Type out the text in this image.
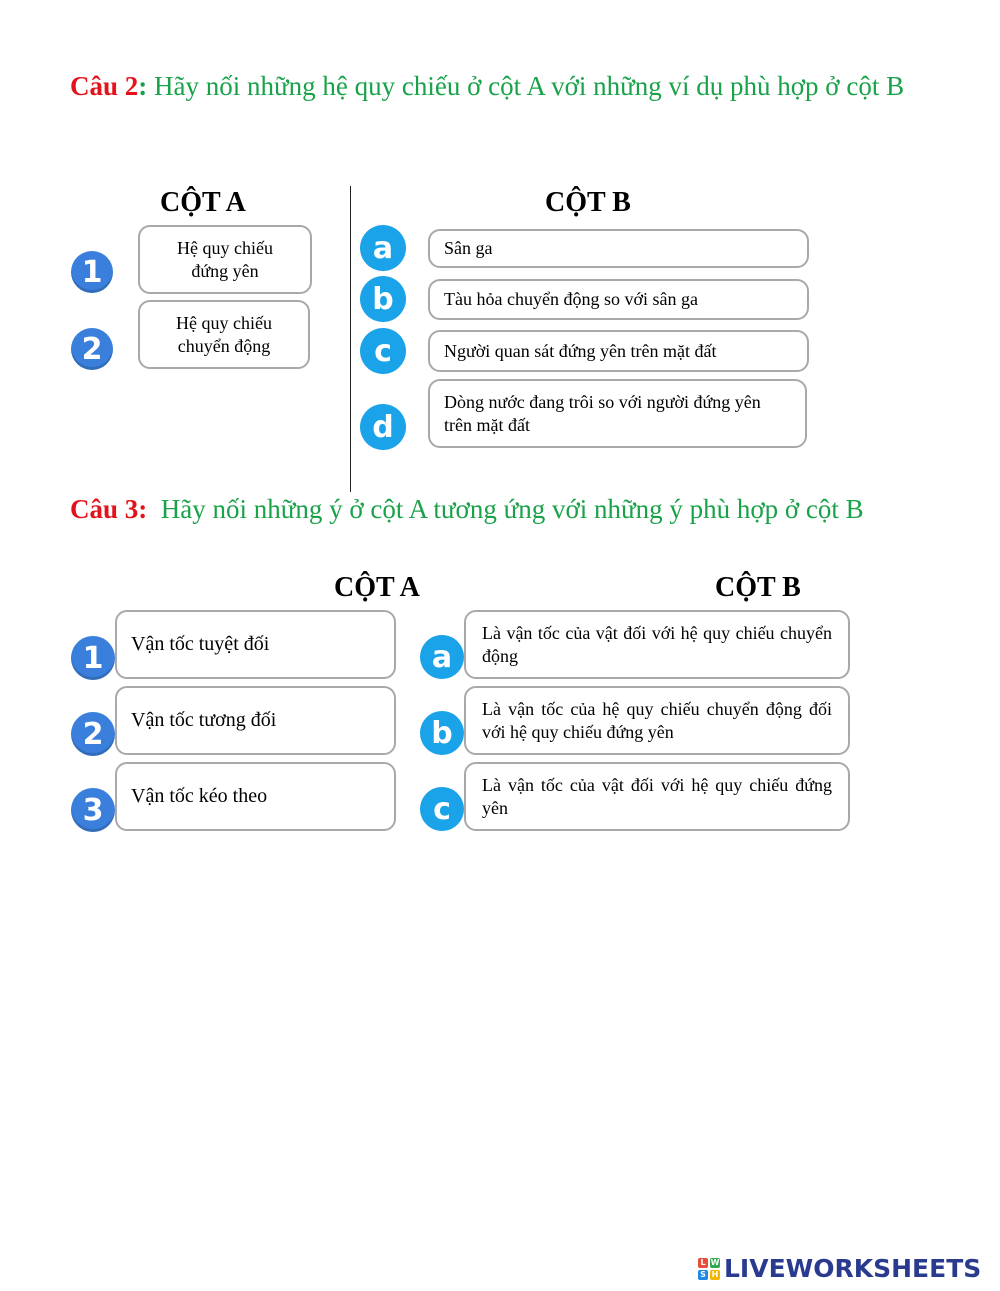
Câu 2: Hãy nối những hệ quy chiếu ở cột A với những ví dụ phù hợp ở cột B
CỘT A	CỘT B
1
Hệ quy chiếu đứng yên
2
Hệ quy chiếu chuyển động
a	Sân ga
b	Tàu hỏa chuyển động so với sân ga
c	Người quan sát đứng yên trên mặt đất
d
Dòng nước đang trôi so với người đứng yên trên mặt đất
Câu 3:  Hãy nối những ý ở cột A tương ứng với những ý phù hợp ở cột B
CỘT A	CỘT B
1 Vận tốc tuyệt đối
2 Vận tốc tương đối
3 Vận tốc kéo theo
a
Là vận tốc của vật đối với hệ quy chiếu chuyển động
b
Là vận tốc của hệ quy chiếu chuyển động đối với hệ quy chiếu đứng yên
c
Là vận tốc của vật đối với hệ quy chiếu đứng yên
L W
S H LIVEWORKSHEETS
